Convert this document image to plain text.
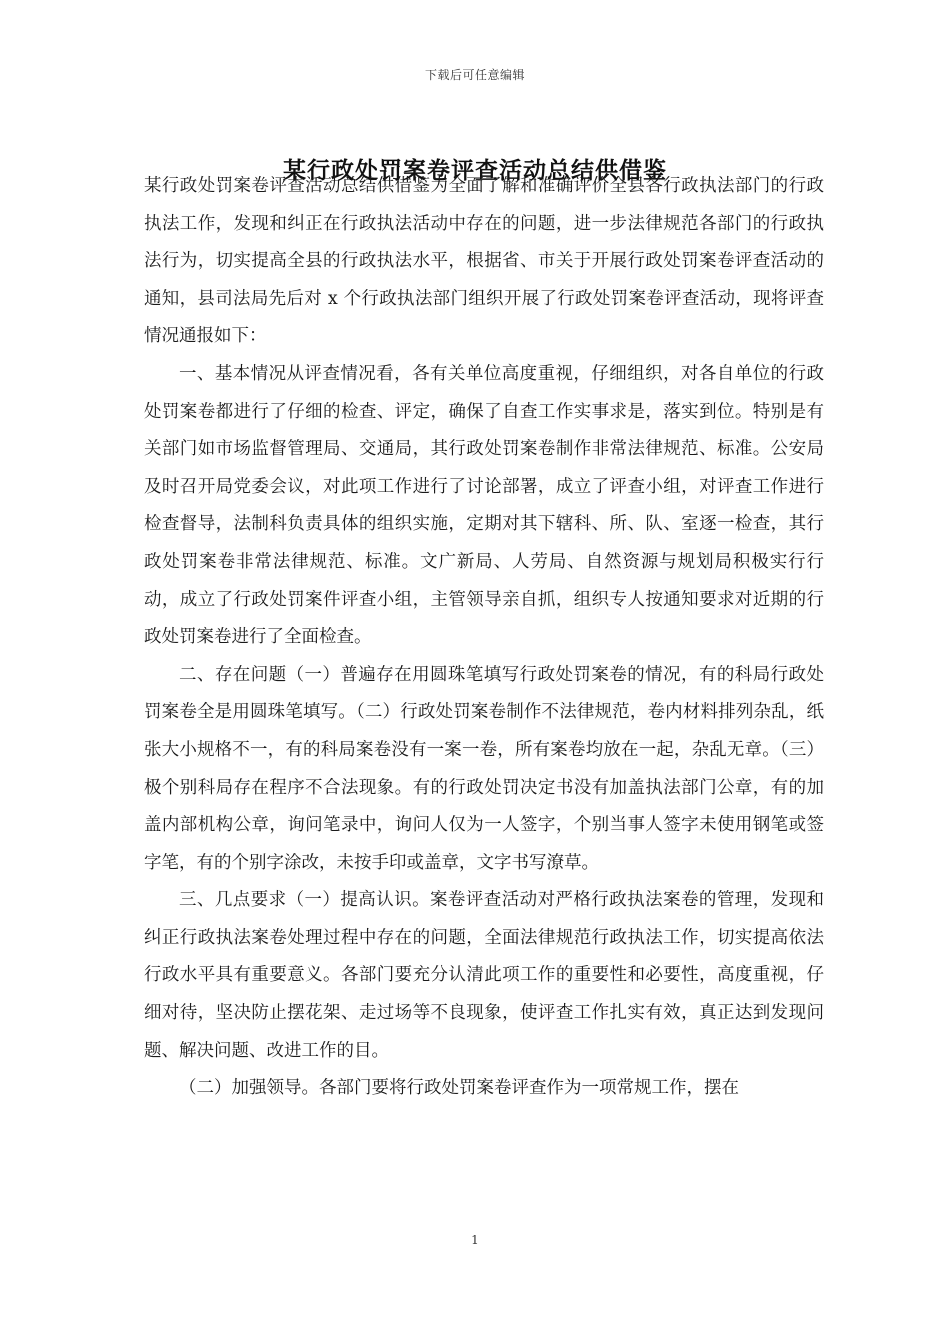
下载后可任意编辑
某行政处罚案卷评查活动总结供借鉴

某行政处罚案卷评查活动总结供借鉴为全面了解和准确评价全县各行政执法部门的行政执法工作，发现和纠正在行政执法活动中存在的问题，进一步法律规范各部门的行政执法行为，切实提高全县的行政执法水平，根据省、市关于开展行政处罚案卷评查活动的通知，县司法局先后对 x 个行政执法部门组织开展了行政处罚案卷评查活动，现将评查情况通报如下：

一、基本情况从评查情况看，各有关单位高度重视，仔细组织，对各自单位的行政处罚案卷都进行了仔细的检查、评定，确保了自查工作实事求是，落实到位。特别是有关部门如市场监督管理局、交通局，其行政处罚案卷制作非常法律规范、标准。公安局及时召开局党委会议，对此项工作进行了讨论部署，成立了评查小组，对评查工作进行检查督导，法制科负责具体的组织实施，定期对其下辖科、所、队、室逐一检查，其行政处罚案卷非常法律规范、标准。文广新局、人劳局、自然资源与规划局积极实行行动，成立了行政处罚案件评查小组，主管领导亲自抓，组织专人按通知要求对近期的行政处罚案卷进行了全面检查。

二、存在问题（一）普遍存在用圆珠笔填写行政处罚案卷的情况，有的科局行政处罚案卷全是用圆珠笔填写。（二）行政处罚案卷制作不法律规范，卷内材料排列杂乱，纸张大小规格不一，有的科局案卷没有一案一卷，所有案卷均放在一起，杂乱无章。（三）极个别科局存在程序不合法现象。有的行政处罚决定书没有加盖执法部门公章，有的加盖内部机构公章，询问笔录中，询问人仅为一人签字，个别当事人签字未使用钢笔或签字笔，有的个别字涂改，未按手印或盖章，文字书写潦草。

三、几点要求（一）提高认识。案卷评查活动对严格行政执法案卷的管理，发现和纠正行政执法案卷处理过程中存在的问题，全面法律规范行政执法工作，切实提高依法行政水平具有重要意义。各部门要充分认清此项工作的重要性和必要性，高度重视，仔细对待，坚决防止摆花架、走过场等不良现象，使评查工作扎实有效，真正达到发现问题、解决问题、改进工作的目。

（二）加强领导。各部门要将行政处罚案卷评查作为一项常规工作，摆在

1
